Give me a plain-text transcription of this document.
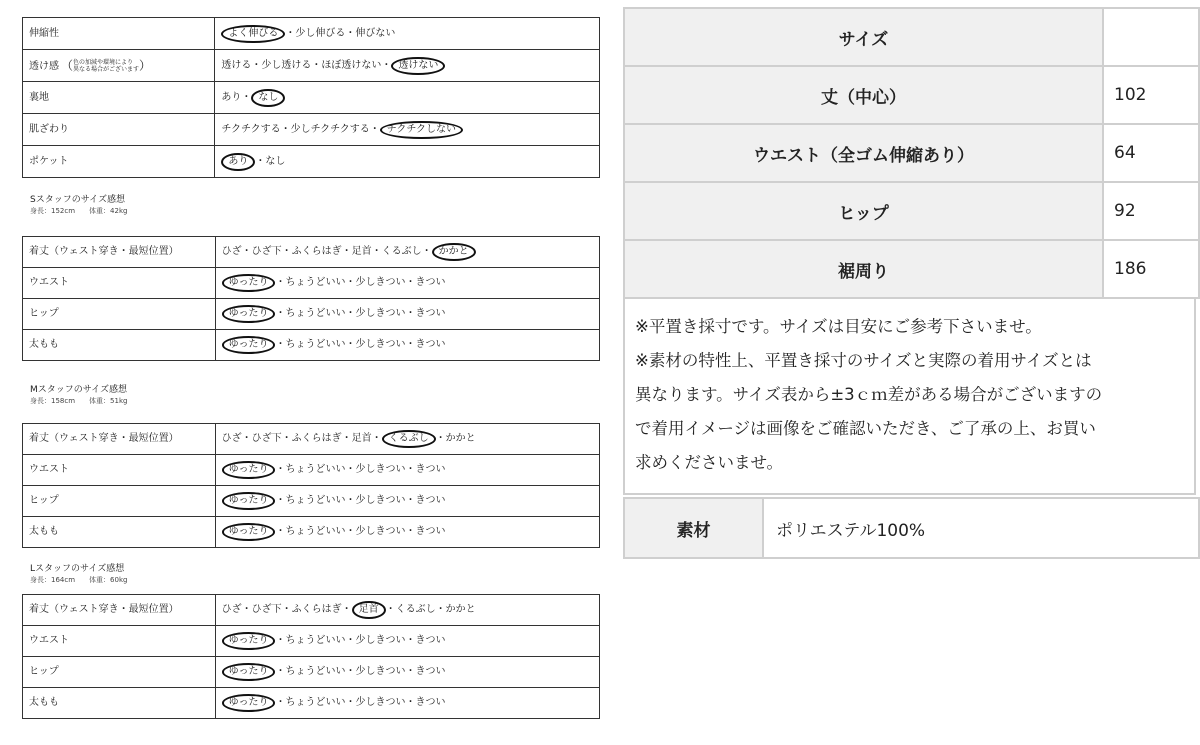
伸縮性	よく伸びる ・少し伸びる・伸びない
透け感 （色の加減や環境により
異なる場合がございます）	透ける・少し透ける・ほぼ透けない・ 透けない
裏地	あり・ なし
肌ざわり	チクチクする・少しチクチクする・ チクチクしない
ポケット	あり ・なし
Sスタッフのサイズ感想
身長：152cm　　 体重：42kg
着丈（ウェスト穿き・最短位置）	ひざ・ひざ下・ふくらはぎ・足首・くるぶし・ かかと
ウエスト	ゆったり ・ちょうどいい・少しきつい・きつい
ヒップ	ゆったり ・ちょうどいい・少しきつい・きつい
太もも	ゆったり ・ちょうどいい・少しきつい・きつい
Mスタッフのサイズ感想
身長：158cm　　 体重：51kg
着丈（ウェスト穿き・最短位置）	ひざ・ひざ下・ふくらはぎ・足首・ くるぶし ・かかと
ウエスト	ゆったり ・ちょうどいい・少しきつい・きつい
ヒップ	ゆったり ・ちょうどいい・少しきつい・きつい
太もも	ゆったり ・ちょうどいい・少しきつい・きつい
Lスタッフのサイズ感想
身長：164cm　　 体重：60kg
着丈（ウェスト穿き・最短位置）	ひざ・ひざ下・ふくらはぎ・ 足首 ・くるぶし・かかと
ウエスト	ゆったり ・ちょうどいい・少しきつい・きつい
ヒップ	ゆったり ・ちょうどいい・少しきつい・きつい
太もも	ゆったり ・ちょうどいい・少しきつい・きつい
サイズ	
丈（中心）	102
ウエスト（全ゴム伸縮あり）	64
ヒップ	92
裾周り	186

※平置き採寸です。サイズは目安にご参考下さいませ。

※素材の特性上、平置き採寸のサイズと実際の着用サイズとは

異なります。サイズ表から±3ｃｍ差がある場合がございますの

で着用イメージは画像をご確認いただき、ご了承の上、お買い

求めくださいませ。

素材	ポリエステル100%
